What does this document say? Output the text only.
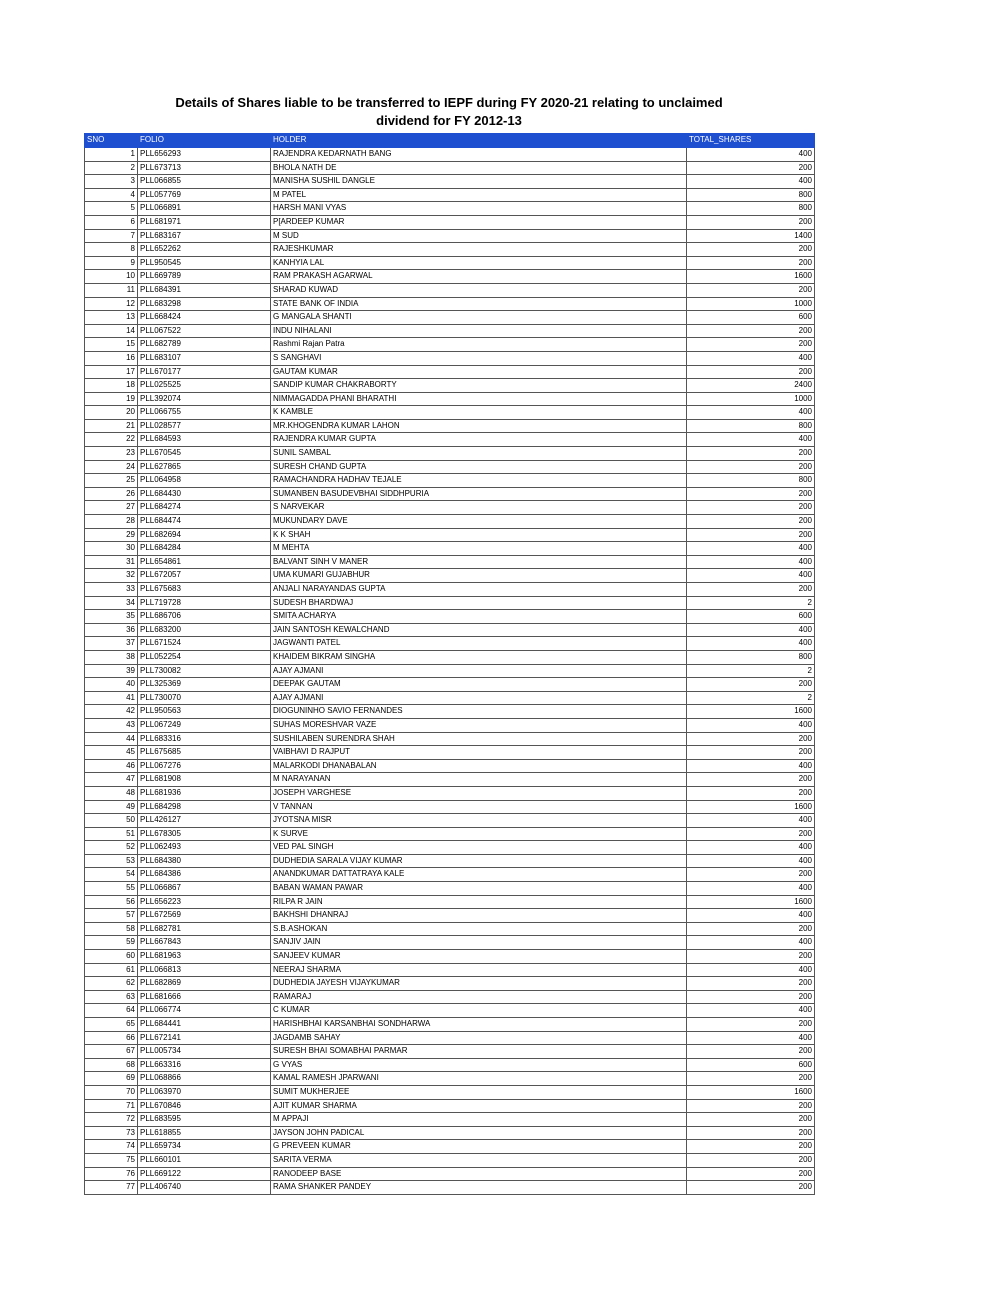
Details of Shares liable to be transferred to IEPF during FY 2020-21 relating to unclaimed
dividend for FY 2012-13
SNO	FOLIO	HOLDER	TOTAL_SHARES
1	PLL656293	RAJENDRA KEDARNATH BANG	400
2	PLL673713	BHOLA NATH DE	200
3	PLL066855	MANISHA SUSHIL DANGLE	400
4	PLL057769	M PATEL	800
5	PLL066891	HARSH MANI VYAS	800
6	PLL681971	P[ARDEEP KUMAR	200
7	PLL683167	M SUD	1400
8	PLL652262	RAJESHKUMAR	200
9	PLL950545	KANHYIA LAL	200
10	PLL669789	RAM PRAKASH AGARWAL	1600
11	PLL684391	SHARAD KUWAD	200
12	PLL683298	STATE BANK OF INDIA	1000
13	PLL668424	G MANGALA SHANTI	600
14	PLL067522	INDU NIHALANI	200
15	PLL682789	Rashmi Rajan Patra	200
16	PLL683107	S SANGHAVI	400
17	PLL670177	GAUTAM KUMAR	200
18	PLL025525	SANDIP KUMAR CHAKRABORTY	2400
19	PLL392074	NIMMAGADDA PHANI BHARATHI	1000
20	PLL066755	K KAMBLE	400
21	PLL028577	MR.KHOGENDRA KUMAR LAHON	800
22	PLL684593	RAJENDRA KUMAR GUPTA	400
23	PLL670545	SUNIL SAMBAL	200
24	PLL627865	SURESH CHAND GUPTA	200
25	PLL064958	RAMACHANDRA HADHAV TEJALE	800
26	PLL684430	SUMANBEN BASUDEVBHAI SIDDHPURIA	200
27	PLL684274	S NARVEKAR	200
28	PLL684474	MUKUNDARY DAVE	200
29	PLL682694	K K SHAH	200
30	PLL684284	M MEHTA	400
31	PLL654861	BALVANT SINH V MANER	400
32	PLL672057	UMA KUMARI GUJABHUR	400
33	PLL675683	ANJALI NARAYANDAS GUPTA	200
34	PLL719728	SUDESH BHARDWAJ	2
35	PLL686706	SMITA ACHARYA	600
36	PLL683200	JAIN SANTOSH KEWALCHAND	400
37	PLL671524	JAGWANTI PATEL	400
38	PLL052254	KHAIDEM BIKRAM SINGHA	800
39	PLL730082	AJAY AJMANI	2
40	PLL325369	DEEPAK GAUTAM	200
41	PLL730070	AJAY AJMANI	2
42	PLL950563	DIOGUNINHO SAVIO FERNANDES	1600
43	PLL067249	SUHAS MORESHVAR VAZE	400
44	PLL683316	SUSHILABEN SURENDRA SHAH	200
45	PLL675685	VAIBHAVI D RAJPUT	200
46	PLL067276	MALARKODI DHANABALAN	400
47	PLL681908	M NARAYANAN	200
48	PLL681936	JOSEPH VARGHESE	200
49	PLL684298	V TANNAN	1600
50	PLL426127	JYOTSNA MISR	400
51	PLL678305	K SURVE	200
52	PLL062493	VED PAL SINGH	400
53	PLL684380	DUDHEDIA SARALA VIJAY KUMAR	400
54	PLL684386	ANANDKUMAR DATTATRAYA KALE	200
55	PLL066867	BABAN WAMAN PAWAR	400
56	PLL656223	RILPA R JAIN	1600
57	PLL672569	BAKHSHI DHANRAJ	400
58	PLL682781	S.B.ASHOKAN	200
59	PLL667843	SANJIV JAIN	400
60	PLL681963	SANJEEV KUMAR	200
61	PLL066813	NEERAJ SHARMA	400
62	PLL682869	DUDHEDIA JAYESH VIJAYKUMAR	200
63	PLL681666	RAMARAJ	200
64	PLL066774	C KUMAR	400
65	PLL684441	HARISHBHAI KARSANBHAI SONDHARWA	200
66	PLL672141	JAGDAMB SAHAY	400
67	PLL005734	SURESH BHAI SOMABHAI PARMAR	200
68	PLL663316	G VYAS	600
69	PLL068866	KAMAL RAMESH JPARWANI	200
70	PLL063970	SUMIT MUKHERJEE	1600
71	PLL670846	AJIT KUMAR SHARMA	200
72	PLL683595	M APPAJI	200
73	PLL618855	JAYSON JOHN PADICAL	200
74	PLL659734	G PREVEEN KUMAR	200
75	PLL660101	SARITA VERMA	200
76	PLL669122	RANODEEP BASE	200
77	PLL406740	RAMA SHANKER PANDEY	200
